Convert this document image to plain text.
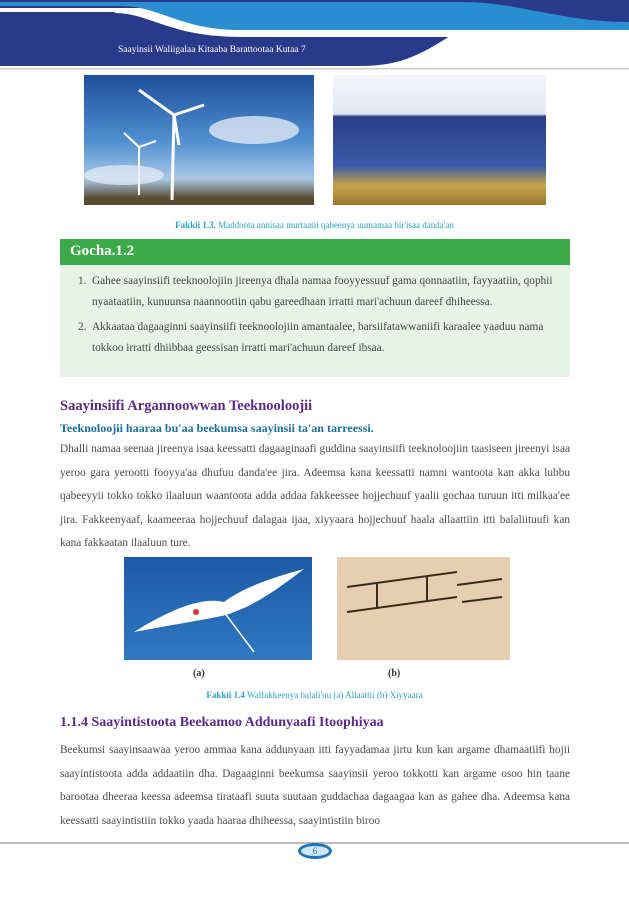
Saayinsii Waliigalaa Kitaaba Barattootaa Kutaa 7
Fakkii 1.3. Maddoota annisaa murtaatii qabeenya uumamaa bir'isaa danda'an
Gocha.1.2
1. Gahee saayinsiifi teeknoolojiin jireenya dhala namaa fooyyessuuf gama qonnaatiin, fayyaatiin, qophii nyaataatiin, kunuunsa naannootiin qabu gareedhaan irratti mari'achuun dareef dhiheessa.
2. Akkaataa dagaaginni saayinsiifi teeknoolojiin amantaalee, barsiifatawwaniifi karaalee yaaduu nama tokkoo irratti dhiibbaa geessisan irratti mari'achuun dareef ibsaa.
Saayinsiifi Argannoowwan Teeknooloojii
Teeknoloojii haaraa bu'aa beekumsa saayinsii ta'an tarreessi.
Dhalli namaa seenaa jireenya isaa keessatti dagaaginaafi guddina saayinsiifi teeknoloojiin taasiseen jireenyi isaa yeroo gara yerootti fooyya'aa dhufuu danda'ee jira. Adeemsa kana keessatti namni wantoota kan akka lubbu qabeeyyii tokko tokko ilaaluun waantoota adda addaa fakkeessee hojjechuuf yaalii gochaa turuun itti milkaa'ee jira. Fakkeenyaaf, kaameeraa hojjechuuf dalagaa ijaa, xiyyaara hojjechuuf haala allaattiin itti balaliituufi kan kana fakkaatan ilaaluun ture.
(a)	(b)
Fakkii 1.4 Walfakkeenya balali'uu (a) Allaattii (b) Xiyyaara
1.1.4 Saayintistoota Beekamoo Addunyaafi Itoophiyaa
Beekumsi saayinsaawaa yeroo ammaa kana addunyaan itti fayyadamaa jirtu kun kan argame dhamaatiifi hojii saayintistoota adda addaatiin dha. Dagaaginni beekumsa saayinsii yeroo tokkotti kan argame osoo hin taane barootaa dheeraa keessa adeemsa tirataafi suuta suutaan guddachaa dagaagaa kan as gahee dha. Adeemsa kana keessatti saayintistiin tokko yaada haaraa dhiheessa, saayintistiin biroo
6
